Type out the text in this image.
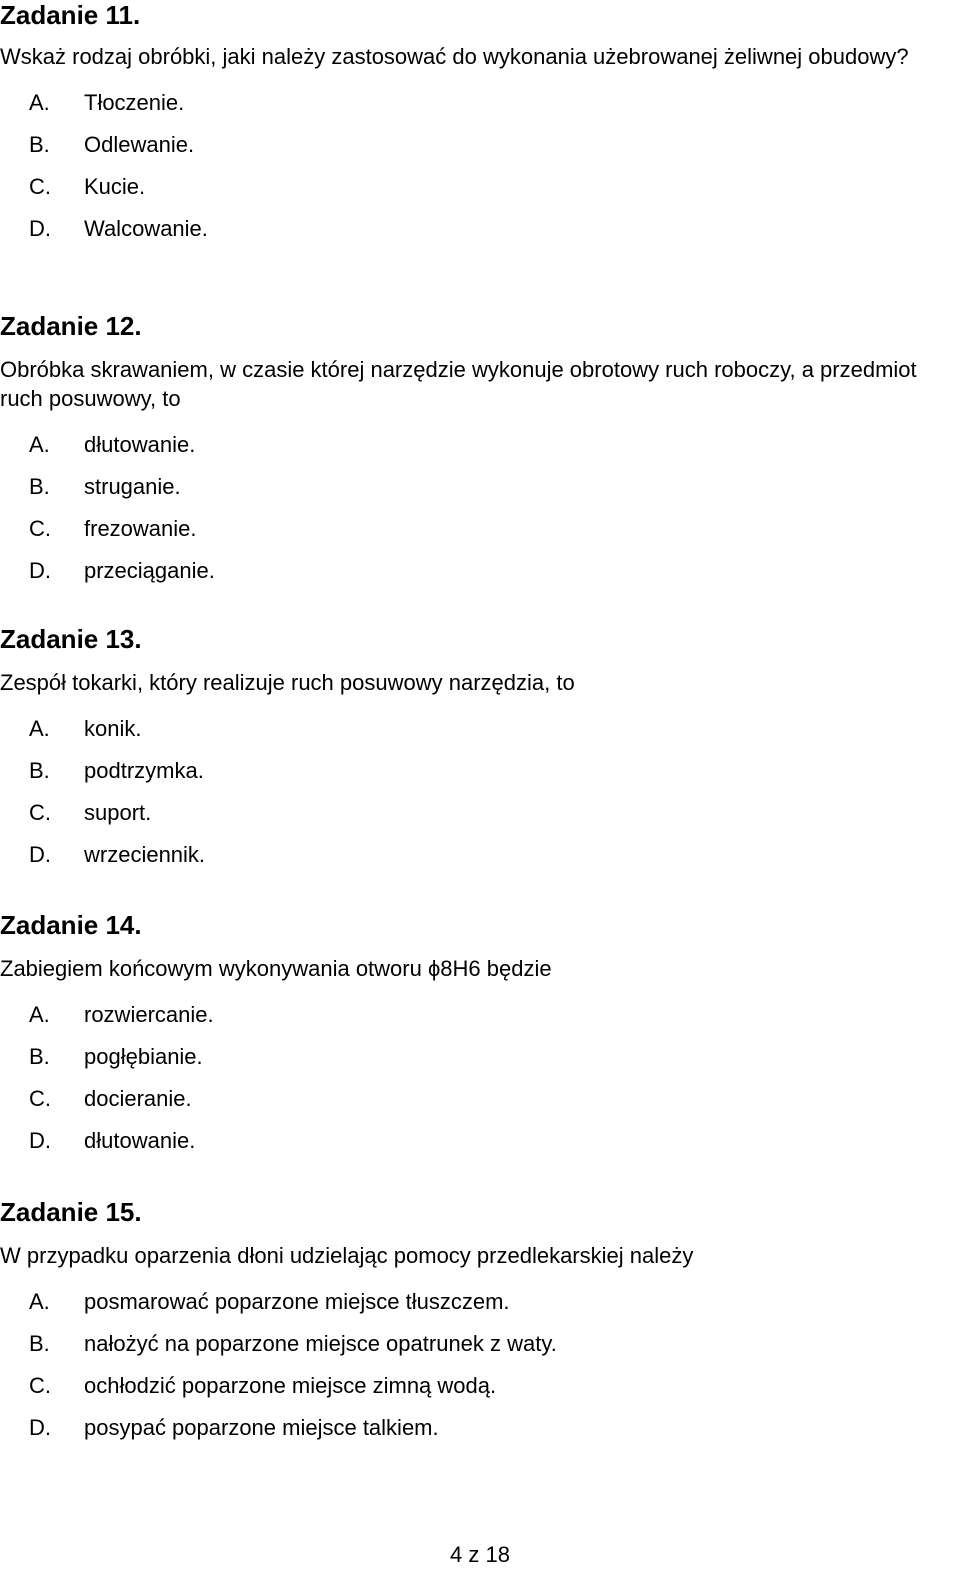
Zadanie 11.

Wskaż rodzaj obróbki, jaki należy zastosować do wykonania użebrowanej żeliwnej obudowy?

A. Tłoczenie.
B. Odlewanie.
C. Kucie.
D. Walcowanie.
Zadanie 12.

Obróbka skrawaniem, w czasie której narzędzie wykonuje obrotowy ruch roboczy, a przedmiot ruch posuwowy, to

A. dłutowanie.
B. struganie.
C. frezowanie.
D. przeciąganie.
Zadanie 13.

Zespół tokarki, który realizuje ruch posuwowy narzędzia, to

A. konik.
B. podtrzymka.
C. suport.
D. wrzeciennik.
Zadanie 14.

Zabiegiem końcowym wykonywania otworu ϕ8H6 będzie

A. rozwiercanie.
B. pogłębianie.
C. docieranie.
D. dłutowanie.
Zadanie 15.

W przypadku oparzenia dłoni udzielając pomocy przedlekarskiej należy

A. posmarować poparzone miejsce tłuszczem.
B. nałożyć na poparzone miejsce opatrunek z waty.
C. ochłodzić poparzone miejsce zimną wodą.
D. posypać poparzone miejsce talkiem.
4 z 18
